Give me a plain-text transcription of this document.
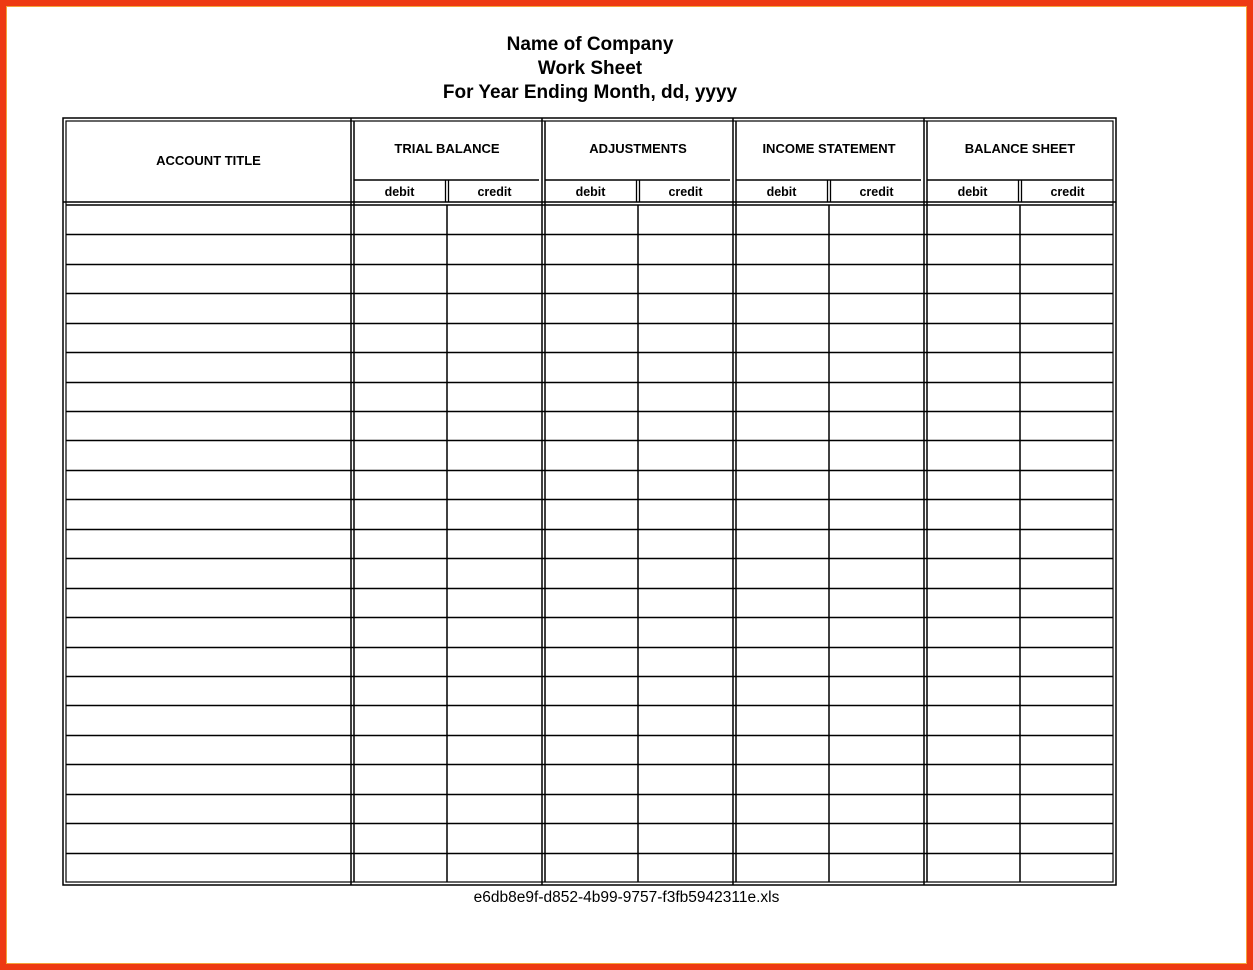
Name of Company
Work Sheet
For Year Ending Month, dd, yyyy
ACCOUNT TITLE
TRIAL BALANCE	ADJUSTMENTS	INCOME STATEMENT	BALANCE SHEET
debit	credit	debit	credit	debit	credit	debit	credit
e6db8e9f-d852-4b99-9757-f3fb5942311e.xls
